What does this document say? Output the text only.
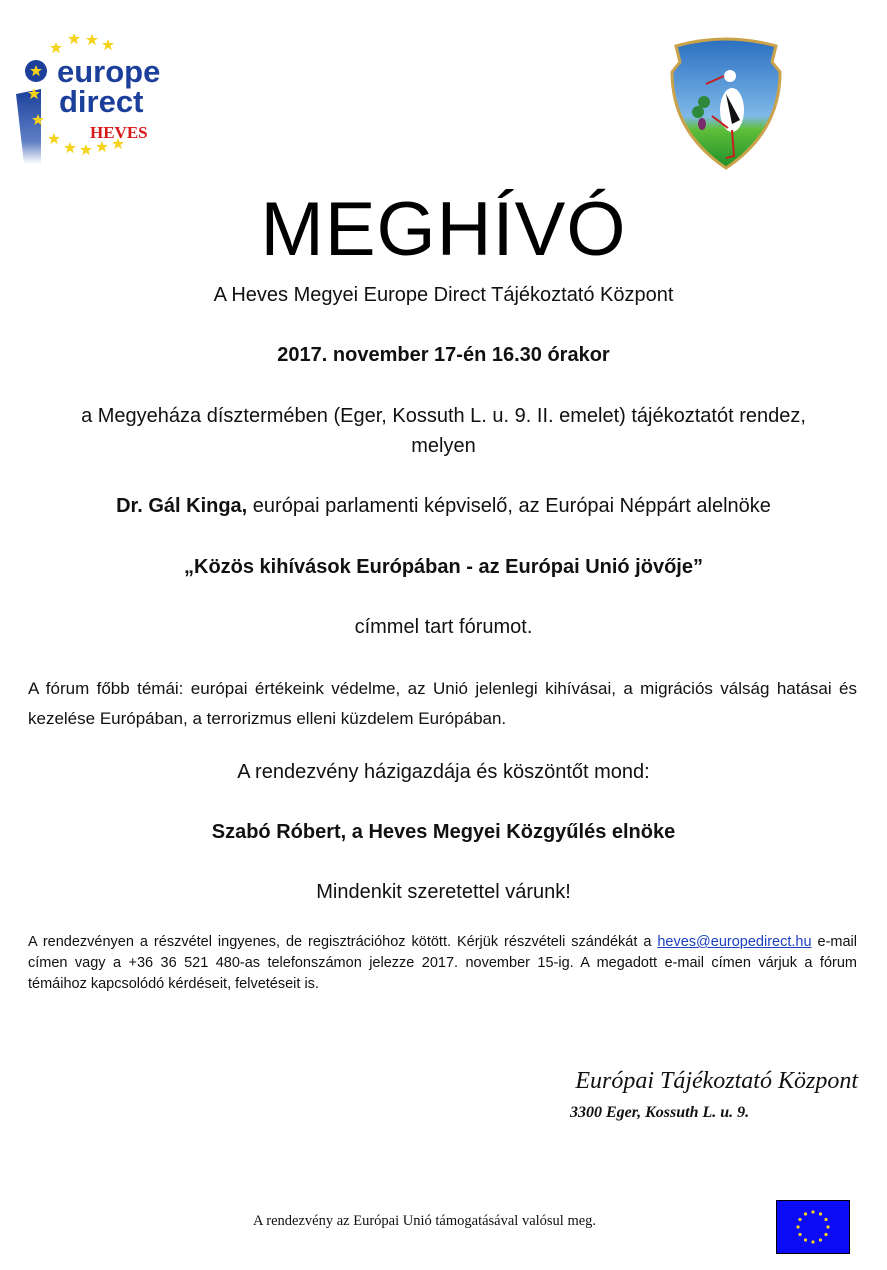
europe
direct
HEVES
MEGHÍVÓ
A Heves Megyei Europe Direct Tájékoztató Központ
2017. november 17-én 16.30 órakor
a Megyeháza dísztermében (Eger, Kossuth L. u. 9. II. emelet) tájékoztatót rendez,
melyen
Dr. Gál Kinga, európai parlamenti képviselő, az Európai Néppárt alelnöke
„Közös kihívások Európában - az Európai Unió jövője”
címmel tart fórumot.
A fórum főbb témái: európai értékeink védelme, az Unió jelenlegi kihívásai, a migrációs válság hatásai és kezelése Európában, a terrorizmus elleni küzdelem Európában.
A rendezvény házigazdája és köszöntőt mond:
Szabó Róbert, a Heves Megyei Közgyűlés elnöke
Mindenkit szeretettel várunk!
A rendezvényen a részvétel ingyenes, de regisztrációhoz kötött. Kérjük részvételi szándékát a heves@europedirect.hu e-mail címen vagy a +36 36 521 480-as telefonszámon jelezze 2017. november 15-ig. A megadott e-mail címen várjuk a fórum témáihoz kapcsolódó kérdéseit, felvetéseit is.
Európai Tájékoztató Központ
3300 Eger, Kossuth L. u. 9.
A rendezvény az Európai Unió támogatásával valósul meg.
